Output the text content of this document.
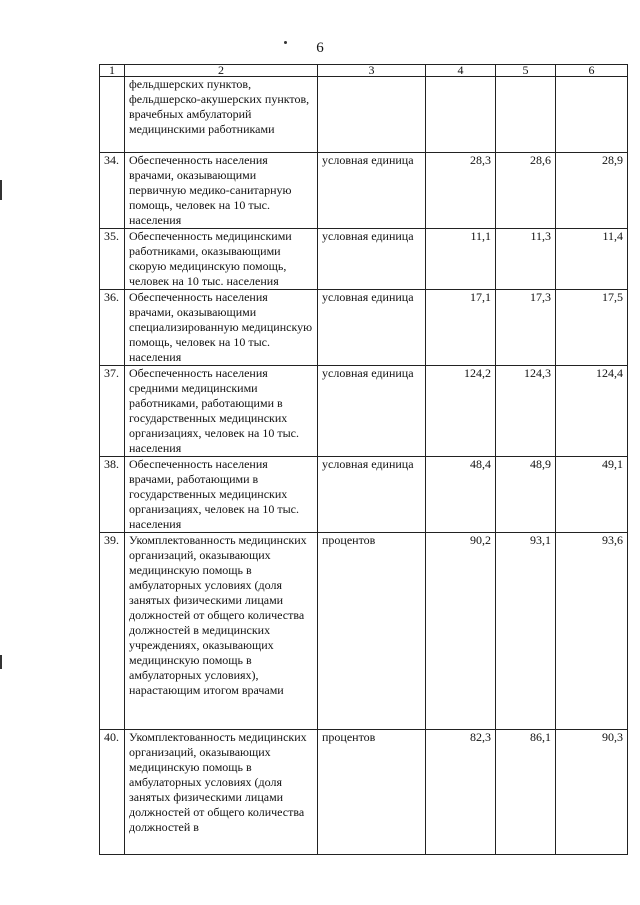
6
1	2	3	4	5	6
	фельдшерских пунктов, фельдшерско-акушерских пунктов, врачебных амбулаторий медицинскими работниками				
34.	Обеспеченность населения врачами, оказывающими первичную медико-санитарную помощь, человек на 10 тыс. населения	условная единица	28,3	28,6	28,9
35.	Обеспеченность медицинскими работниками, оказывающими скорую медицинскую помощь, человек на 10 тыс. населения	условная единица	11,1	11,3	11,4
36.	Обеспеченность населения врачами, оказывающими специализированную медицинскую помощь, человек на 10 тыс. населения	условная единица	17,1	17,3	17,5
37.	Обеспеченность населения средними медицинскими работниками, работающими в государственных медицинских организациях, человек на 10 тыс. населения	условная единица	124,2	124,3	124,4
38.	Обеспеченность населения врачами, работающими в государственных медицинских организациях, человек на 10 тыс. населения	условная единица	48,4	48,9	49,1
39.	Укомплектованность медицинских организаций, оказывающих медицинскую помощь в амбулаторных условиях (доля занятых физическими лицами должностей от общего количества должностей в медицинских учреждениях, оказывающих медицинскую помощь в амбулаторных условиях), нарастающим итогом врачами	процентов	90,2	93,1	93,6
40.	Укомплектованность медицинских организаций, оказывающих медицинскую помощь в амбулаторных условиях (доля занятых физическими лицами должностей от общего количества должностей в	процентов	82,3	86,1	90,3
